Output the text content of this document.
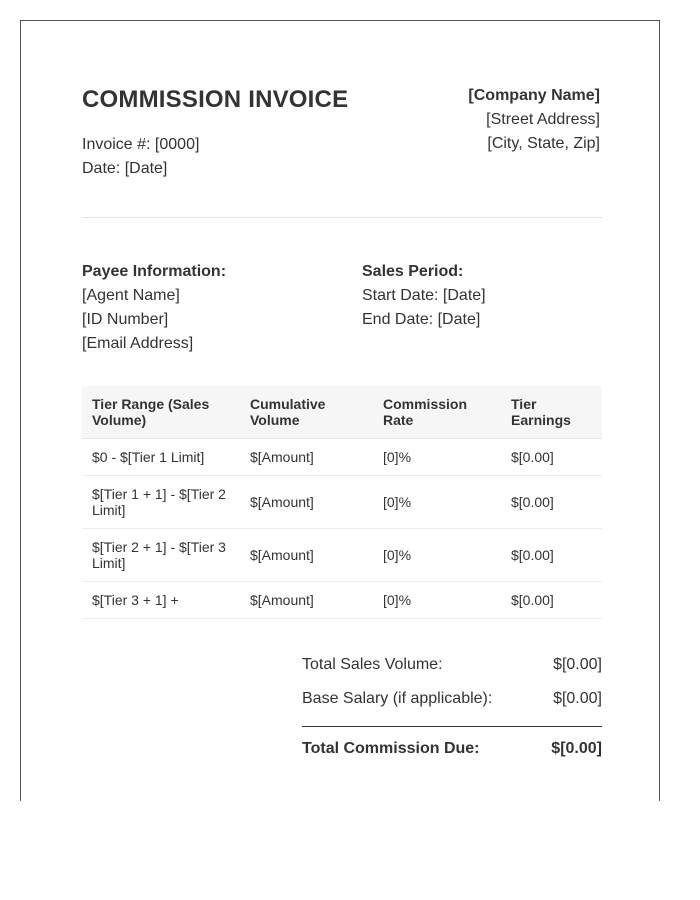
COMMISSION INVOICE
Invoice #: [0000]
Date: [Date]
[Company Name]
[Street Address]
[City, State, Zip]
Payee Information:
[Agent Name]
[ID Number]
[Email Address]
Sales Period:
Start Date: [Date]
End Date: [Date]
Tier Range (Sales Volume)	Cumulative Volume	Commission Rate	Tier Earnings
$0 - $[Tier 1 Limit]	$[Amount]	[0]%	$[0.00]
$[Tier 1 + 1] - $[Tier 2 Limit]	$[Amount]	[0]%	$[0.00]
$[Tier 2 + 1] - $[Tier 3 Limit]	$[Amount]	[0]%	$[0.00]
$[Tier 3 + 1] +	$[Amount]	[0]%	$[0.00]
Total Sales Volume:	$[0.00]
Base Salary (if applicable):	$[0.00]
Total Commission Due:	$[0.00]
